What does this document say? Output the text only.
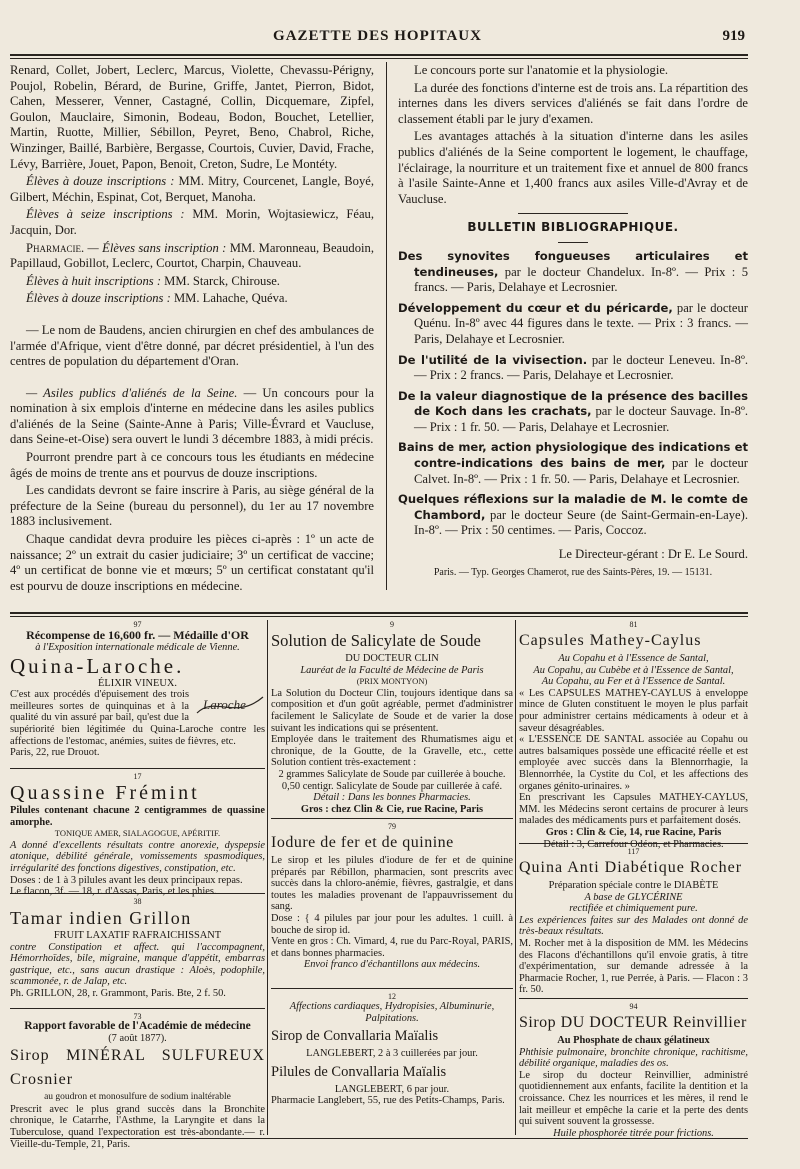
GAZETTE DES HOPITAUX	919

Renard, Collet, Jobert, Leclerc, Marcus, Violette, Chevassu-Périgny, Poujol, Robelin, Bérard, de Burine, Griffe, Jantet, Pierron, Bidot, Cahen, Messerer, Venner, Castagné, Collin, Dicquemare, Zipfel, Goulon, Mauclaire, Simonin, Bodeau, Bodon, Bouchet, Letellier, Martin, Ruotte, Millier, Sébillon, Peyret, Beno, Chabrol, Riche, Winzinger, Baillé, Barbière, Bergasse, Courtois, Cuvier, David, Frache, Lévy, Barrière, Jouet, Papon, Benoit, Creton, Sudre, Le Montéty.

Élèves à douze inscriptions : MM. Mitry, Courcenet, Langle, Boyé, Gilbert, Méchin, Espinat, Cot, Berquet, Manoha.

Élèves à seize inscriptions : MM. Morin, Wojtasiewicz, Féau, Jacquin, Dor.

Pharmacie. — Élèves sans inscription : MM. Maronneau, Beaudoin, Papillaud, Gobillot, Leclerc, Courtot, Charpin, Chauveau.

Élèves à huit inscriptions : MM. Starck, Chirouse.

Élèves à douze inscriptions : MM. Lahache, Quéva.

— Le nom de Baudens, ancien chirurgien en chef des ambulances de l'armée d'Afrique, vient d'être donné, par décret présidentiel, à l'un des centres de population du département d'Oran.

— Asiles publics d'aliénés de la Seine. — Un concours pour la nomination à six emplois d'interne en médecine dans les asiles publics d'aliénés de la Seine (Sainte-Anne à Paris; Ville-Évrard et Vaucluse, dans Seine-et-Oise) sera ouvert le lundi 3 décembre 1883, à midi précis.

Pourront prendre part à ce concours tous les étudiants en médecine âgés de moins de trente ans et pourvus de douze inscriptions.

Les candidats devront se faire inscrire à Paris, au siège général de la préfecture de la Seine (bureau du personnel), du 1er au 17 novembre 1883 inclusivement.

Chaque candidat devra produire les pièces ci-après : 1º un acte de naissance; 2º un extrait du casier judiciaire; 3º un certificat de vaccine; 4º un certificat de bonne vie et mœurs; 5º un certificat constatant qu'il est pourvu de douze inscriptions en médecine.

Le concours porte sur l'anatomie et la physiologie.

La durée des fonctions d'interne est de trois ans. La répartition des internes dans les divers services d'aliénés se fait dans l'ordre de classement établi par le jury d'examen.

Les avantages attachés à la situation d'interne dans les asiles publics d'aliénés de la Seine comportent le logement, le chauffage, l'éclairage, la nourriture et un traitement fixe et annuel de 800 francs à l'asile Sainte-Anne et 1,400 francs aux asiles Ville-d'Avray et de Vaucluse.

BULLETIN BIBLIOGRAPHIQUE.
Des synovites fongueuses articulaires et tendineuses, par le docteur Chandelux. In-8º. — Prix : 5 francs. — Paris, Delahaye et Lecrosnier.
Développement du cœur et du péricarde, par le docteur Quénu. In-8º avec 44 figures dans le texte. — Prix : 3 francs. — Paris, Delahaye et Lecrosnier.
De l'utilité de la vivisection. par le docteur Leneveu. In-8º. — Prix : 2 francs. — Paris, Delahaye et Lecrosnier.
De la valeur diagnostique de la présence des bacilles de Koch dans les crachats, par le docteur Sauvage. In-8º. — Prix : 1 fr. 50. — Paris, Delahaye et Lecrosnier.
Bains de mer, action physiologique des indications et contre-indications des bains de mer, par le docteur Calvet. In-8º. — Prix : 1 fr. 50. — Paris, Delahaye et Lecrosnier.
Quelques réflexions sur la maladie de M. le comte de Chambord, par le docteur Seure (de Saint-Germain-en-Laye). In-8º. — Prix : 50 centimes. — Paris, Coccoz.
Le Directeur-gérant : Dr E. Le Sourd.
Paris. — Typ. Georges Chamerot, rue des Saints-Pères, 19. — 15131.
97
Récompense de 16,600 fr. — Médaille d'OR
à l'Exposition internationale médicale de Vienne.
Quina-Laroche.
ÉLIXIR VINEUX.
Laroche
C'est aux procédés d'épuisement des trois meilleures sortes de quinquinas et à la qualité du vin assuré par bail, qu'est due la supériorité bien légitimée du Quina-Laroche contre les affections de l'estomac, anémies, suites de fièvres, etc.
Paris, 22, rue Drouot.
17
Quassine Frémint
Pilules contenant chacune 2 centigrammes de quassine amorphe.
TONIQUE AMER, SIALAGOGUE, APÉRITIF.
A donné d'excellents résultats contre anorexie, dyspepsie atonique, débilité générale, vomissements spasmodiques, irrégularité des fonctions digestives, constipation, etc.
Doses : de 1 à 3 pilules avant les deux principaux repas.
Le flacon, 3f. — 18, r. d'Assas, Paris, et les phies.
38
Tamar indien Grillon
FRUIT LAXATIF RAFRAICHISSANT
contre Constipation et affect. qui l'accompagnent, Hémorrhoïdes, bile, migraine, manque d'appétit, embarras gastrique, etc., sans aucun drastique : Aloès, podophile, scammonée, r. de Jalap, etc.
Ph. GRILLON, 28, r. Grammont, Paris. Bte, 2 f. 50.
73
Rapport favorable de l'Académie de médecine
(7 août 1877).
Sirop MINÉRAL SULFUREUX Crosnier
au goudron et monosulfure de sodium inaltérable
Prescrit avec le plus grand succès dans la Bronchite chronique, le Catarrhe, l'Asthme, la Laryngite et dans la Tuberculose, quand l'expectoration est très-abondante.— r. Vieille-du-Temple, 21, Paris.
9
Solution de Salicylate de Soude
DU DOCTEUR CLIN
Lauréat de la Faculté de Médecine de Paris
(PRIX MONTYON)
La Solution du Docteur Clin, toujours identique dans sa composition et d'un goût agréable, permet d'administrer facilement le Salicylate de Soude et de varier la dose suivant les indications qui se présentent.
Employée dans le traitement des Rhumatismes aigu et chronique, de la Goutte, de la Gravelle, etc., cette Solution contient très-exactement :
2 grammes Salicylate de Soude par cuillerée à bouche.
0,50 centigr. Salicylate de Soude par cuillerée à café.
Détail : Dans les bonnes Pharmacies.
Gros : chez Clin & Cie, rue Racine, Paris
79
Iodure de fer et de quinine
Le sirop et les pilules d'iodure de fer et de quinine préparés par Rébillon, pharmacien, sont prescrits avec succès dans la chloro-anémie, fièvres, gastralgie, et dans toutes les maladies provenant de l'appauvrissement du sang.
Dose : { 4 pilules par jour pour les adultes. 1 cuill. à bouche de sirop id.
Vente en gros : Ch. Vimard, 4, rue du Parc-Royal, PARIS, et dans bonnes pharmacies.
Envoi franco d'échantillons aux médecins.
12
Affections cardiaques, Hydropisies, Albuminurie, Palpitations.
Sirop de Convallaria Maïalis
LANGLEBERT, 2 à 3 cuillerées par jour.
Pilules de Convallaria Maïalis
LANGLEBERT, 6 par jour.
Pharmacie Langlebert, 55, rue des Petits-Champs, Paris.
81
Capsules Mathey-Caylus
Au Copahu et à l'Essence de Santal,
Au Copahu, au Cubèbe et à l'Essence de Santal,
Au Copahu, au Fer et à l'Essence de Santal.
« Les CAPSULES MATHEY-CAYLUS à enveloppe mince de Gluten constituent le moyen le plus parfait pour administrer certains médicaments à odeur et à saveur désagréables.
« L'ESSENCE DE SANTAL associée au Copahu ou autres balsamiques possède une efficacité réelle et est employée avec succès dans la Blennorrhagie, la Blennorrhée, la Cystite du Col, et les affections des organes génito-urinaires. »
En prescrivant les Capsules MATHEY-CAYLUS, MM. les Médecins seront certains de procurer à leurs malades des médicaments purs et parfaitement dosés.
Gros : Clin & Cie, 14, rue Racine, Paris
Détail : 3, Carrefour Odéon, et Pharmacies.
117
Quina Anti Diabétique Rocher
Préparation spéciale contre le DIABÈTE
A base de GLYCÉRINE
rectifiée et chimiquement pure.
Les expériences faites sur des Malades ont donné de très-beaux résultats.
M. Rocher met à la disposition de MM. les Médecins des Flacons d'échantillons qu'il envoie gratis, à titre d'expérimentation, sur demande adressée à la Pharmacie Rocher, 1, rue Perrée, à Paris. — Flacon : 3 fr. 50.
94
Sirop DU DOCTEUR Reinvillier
Au Phosphate de chaux gélatineux
Phthisie pulmonaire, bronchite chronique, rachitisme, débilité organique, maladies des os.
Le sirop du docteur Reinvillier, administré quotidiennement aux enfants, facilite la dentition et la croissance. Chez les nourrices et les mères, il rend le lait meilleur et empêche la carie et la perte des dents qui suivent souvent la grossesse.
Huile phosphorée titrée pour frictions.
